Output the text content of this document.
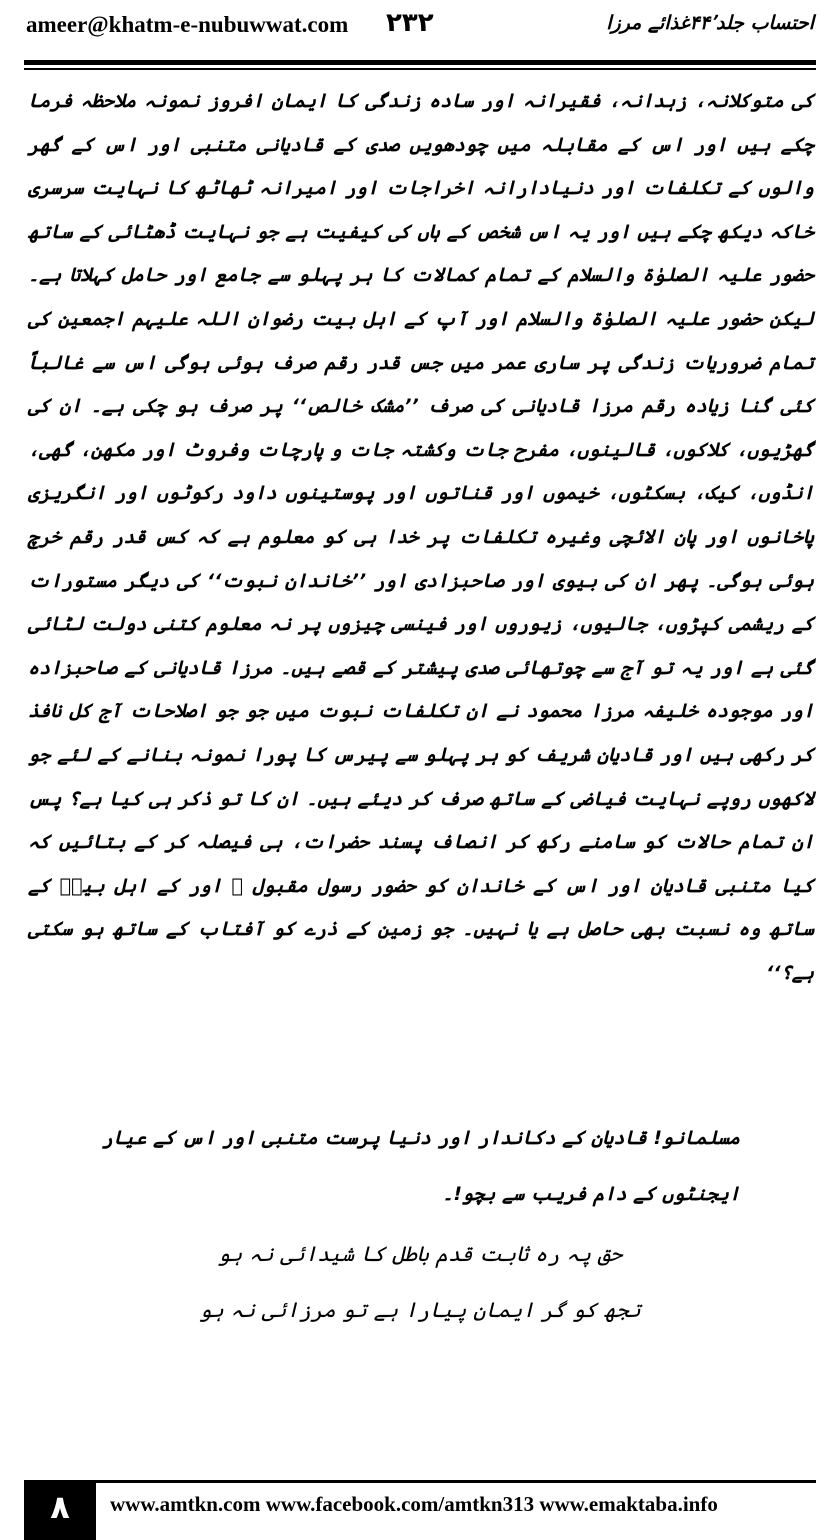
ameer@khatm-e-nubuwwat.com ۲۳۲	احتساب جلد۴۴٬غذائے مرزا

کی متوکلانہ، زہدانہ، فقیرانہ اور سادہ زندگی کا ایمان افروز نمونہ ملاحظہ فرما چکے ہیں اور اس کے مقابلہ میں چودھویں صدی کے قادیانی متنبی اور اس کے گھر والوں کے تکلفات اور دنیادارانہ اخراجات اور امیرانہ ٹھاٹھ کا نہایت سرسری خاکہ دیکھ چکے ہیں اور یہ اس شخص کے ہاں کی کیفیت ہے جو نہایت ڈھٹائی کے ساتھ حضور علیہ الصلوٰۃ والسلام کے تمام کمالات کا ہر پہلو سے جامع اور حامل کہلاتا ہے۔ لیکن حضور علیہ الصلوٰۃ والسلام اور آپ کے اہل بیت رضوان اللہ علیہم اجمعین کی تمام ضروریات زندگی پر ساری عمر میں جس قدر رقم صرف ہوئی ہوگی اس سے غالباً کئی گنا زیادہ رقم مرزا قادیانی کی صرف ’’مشک خالص‘‘ پر صرف ہو چکی ہے۔ ان کی گھڑیوں، کلاکوں، قالینوں، مفرح جات وکشتہ جات و پارچات وفروٹ اور مکھن، گھی، انڈوں، کیک، بسکٹوں، خیموں اور قناتوں اور پوستینوں داود رکوٹوں اور انگریزی پاخانوں اور پان الائچی وغیرہ تکلفات پر خدا ہی کو معلوم ہے کہ کس قدر رقم خرچ ہوئی ہوگی۔ پھر ان کی بیوی اور صاحبزادی اور ’’خاندان نبوت‘‘ کی دیگر مستورات کے ریشمی کپڑوں، جالیوں، زیوروں اور فینسی چیزوں پر نہ معلوم کتنی دولت لٹائی گئی ہے اور یہ تو آج سے چوتھائی صدی پیشتر کے قصے ہیں۔ مرزا قادیانی کے صاحبزادہ اور موجودہ خلیفہ مرزا محمود نے ان تکلفات نبوت میں جو جو اصلاحات آج کل نافذ کر رکھی ہیں اور قادیان شریف کو ہر پہلو سے پیرس کا پورا نمونہ بنانے کے لئے جو لاکھوں روپے نہایت فیاضی کے ساتھ صرف کر دیئے ہیں۔ ان کا تو ذکر ہی کیا ہے؟ پس ان تمام حالات کو سامنے رکھ کر انصاف پسند حضرات، ہی فیصلہ کر کے بتائیں کہ کیا متنبی قادیان اور اس کے خاندان کو حضور رسول مقبول ﷺ اور کے اہل بیتؓ کے ساتھ وہ نسبت بھی حاصل ہے یا نہیں۔ جو زمین کے ذرے کو آفتاب کے ساتھ ہو سکتی ہے؟‘‘

مسلمانو! قادیان کے دکاندار اور دنیا پرست متنبی اور اس کے عیار ایجنٹوں کے دام فریب سے بچو!۔

حق پہ رہ ثابت قدم باطل کا شیدائی نہ ہو
تجھ کو گر ایمان پیارا ہے تو مرزائی نہ ہو
۸	www.amtkn.com www.facebook.com/amtkn313 www.emaktaba.info
